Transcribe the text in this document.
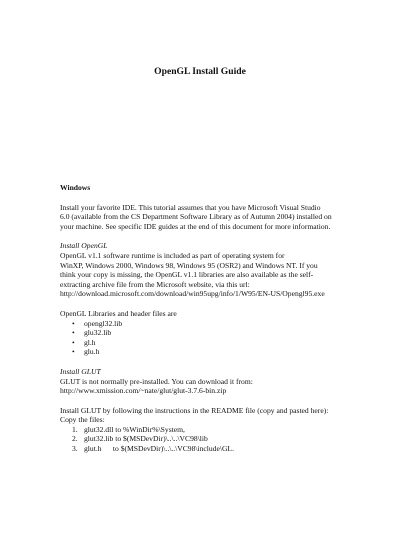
OpenGL Install Guide
Windows

Install your favorite IDE. This tutorial assumes that you have Microsoft Visual Studio
6.0 (available from the CS Department Software Library as of Autumn 2004) installed on
your machine. See specific IDE guides at the end of this document for more information.

Install OpenGL

OpenGL v1.1 software runtime is included as part of operating system for
WinXP, Windows 2000, Windows 98, Windows 95 (OSR2) and Windows NT. If you
think your copy is missing, the OpenGL v1.1 libraries are also available as the self-
extracting archive file from the Microsoft website, via this url:
http://download.microsoft.com/download/win95upg/info/1/W95/EN-US/Opengl95.exe

OpenGL Libraries and header files are

• opengl32.lib
• glu32.lib
• gl.h
• glu.h

Install GLUT

GLUT is not normally pre-installed. You can download it from:
http://www.xmission.com/~nate/glut/glut-3.7.6-bin.zip

Install GLUT by following the instructions in the README file (copy and pasted here):
Copy the files:

1. glut32.dll to %WinDir%\System,
2. glut32.lib to $(MSDevDir)\..\..\VC98\lib
3. glut.h      to $(MSDevDir)\..\..\VC98\include\GL.
